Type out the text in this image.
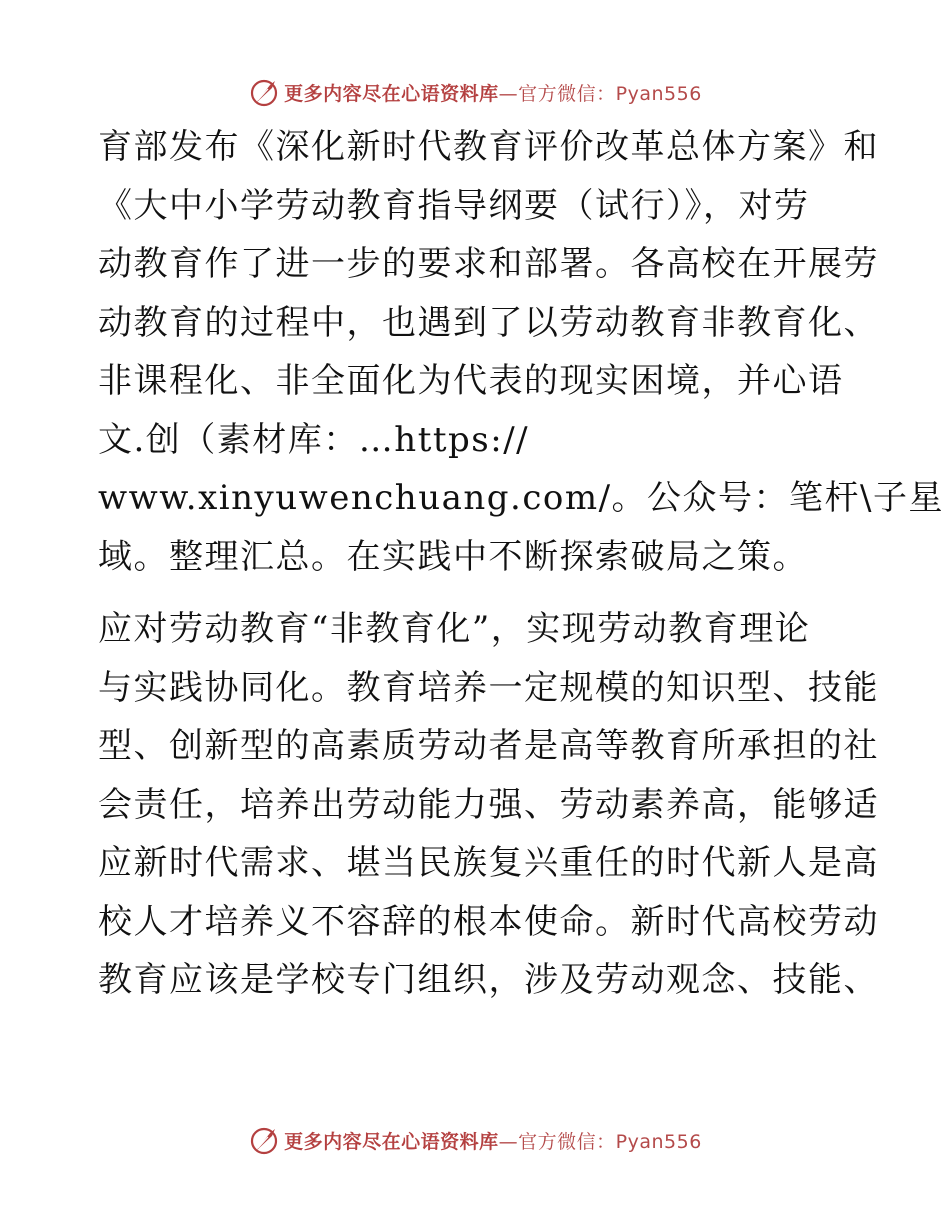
更多内容尽在心语资料库—官方微信：Pyan556
育部发布《深化新时代教育评价改革总体方案》和
《大中小学劳动教育指导纲要（试行）》，对劳
动教育作了进一步的要求和部署。各高校在开展劳
动教育的过程中，也遇到了以劳动教育非教育化、
非课程化、非全面化为代表的现实困境，并心语
文.创（素材库：…https://
www.xinyuwenchuang.com/。公众号：笔杆\子星
域。整理汇总。在实践中不断探索破局之策。
应对劳动教育“非教育化”，实现劳动教育理论
与实践协同化。教育培养一定规模的知识型、技能
型、创新型的高素质劳动者是高等教育所承担的社
会责任，培养出劳动能力强、劳动素养高，能够适
应新时代需求、堪当民族复兴重任的时代新人是高
校人才培养义不容辞的根本使命。新时代高校劳动
教育应该是学校专门组织，涉及劳动观念、技能、
更多内容尽在心语资料库—官方微信：Pyan556
